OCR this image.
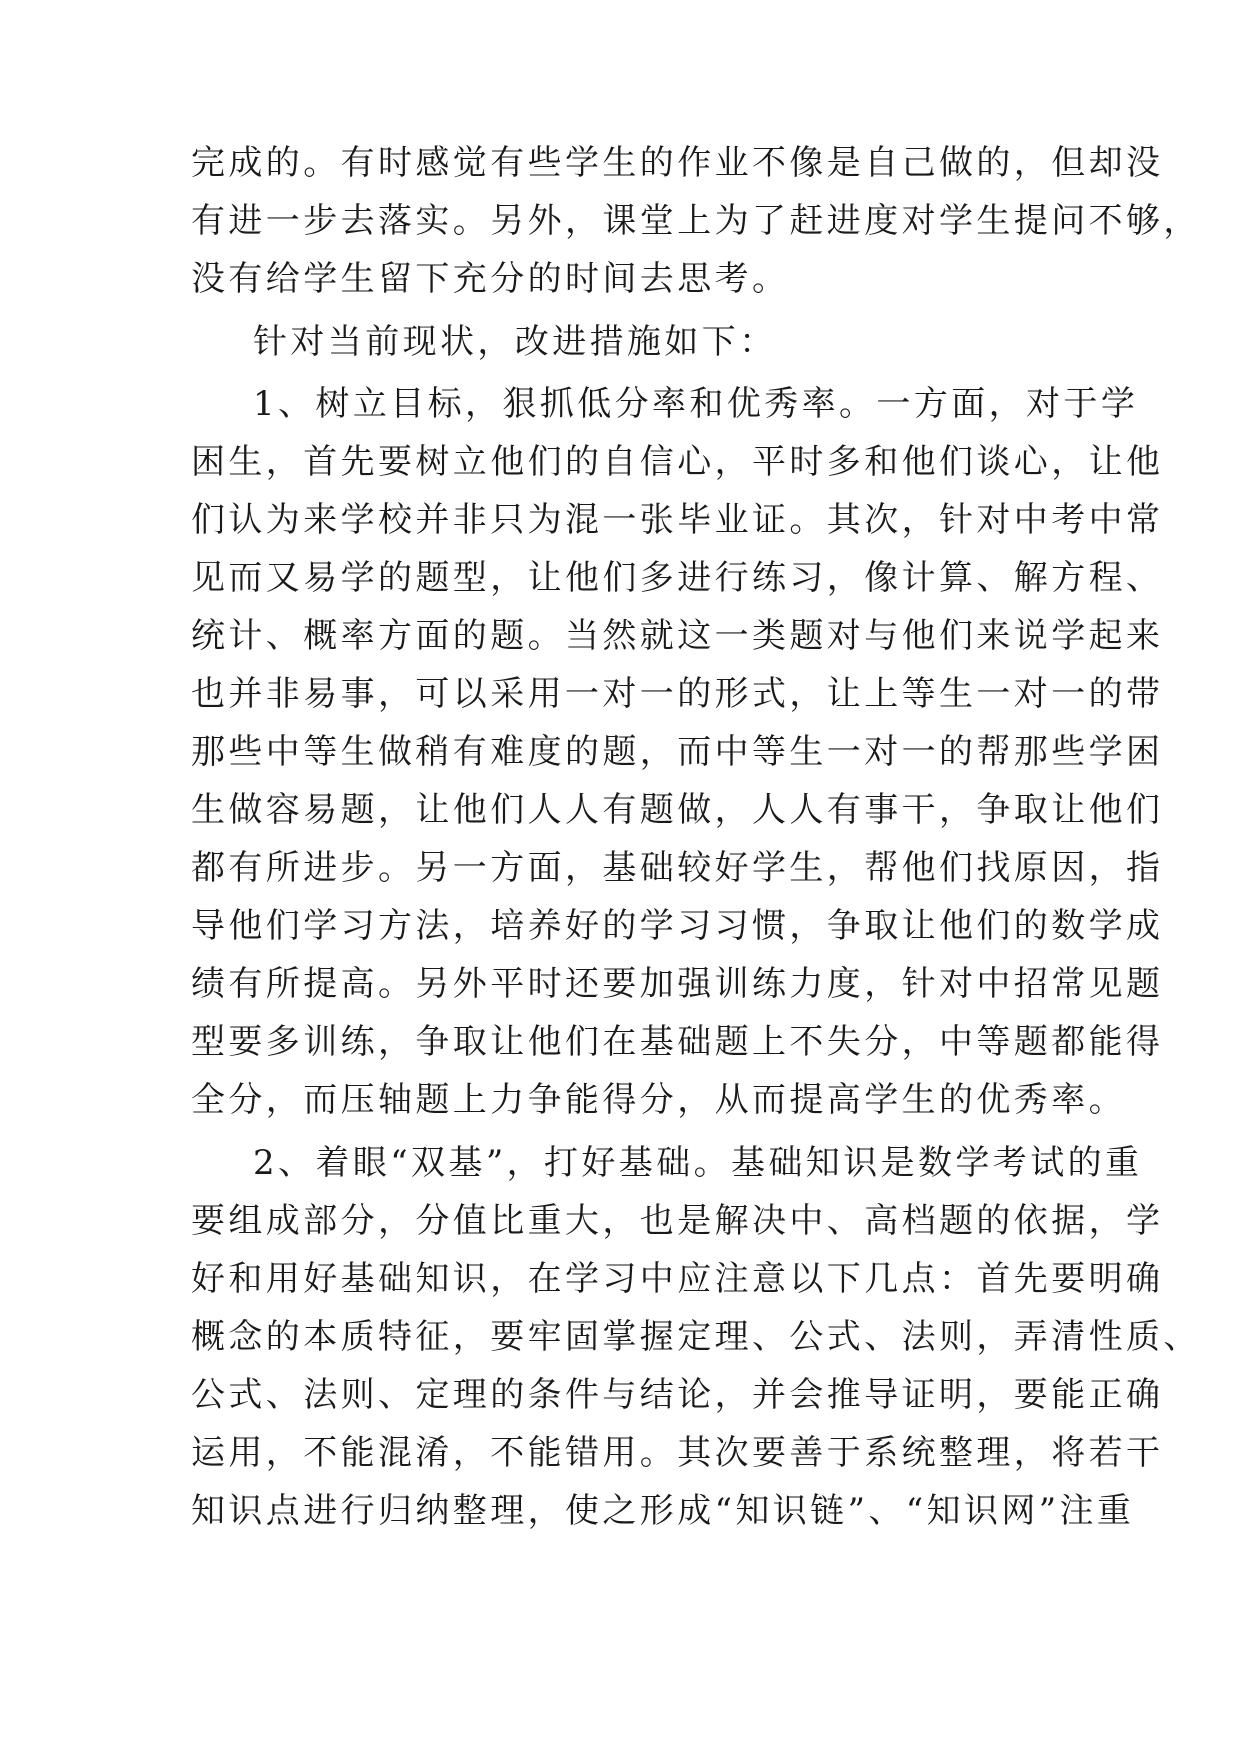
完成的。有时感觉有些学生的作业不像是自己做的，但却没
有进一步去落实。另外，课堂上为了赶进度对学生提问不够，
没有给学生留下充分的时间去思考。
针对当前现状，改进措施如下：
1、树立目标，狠抓低分率和优秀率。一方面，对于学
困生，首先要树立他们的自信心，平时多和他们谈心，让他
们认为来学校并非只为混一张毕业证。其次，针对中考中常
见而又易学的题型，让他们多进行练习，像计算、解方程、
统计、概率方面的题。当然就这一类题对与他们来说学起来
也并非易事，可以采用一对一的形式，让上等生一对一的带
那些中等生做稍有难度的题，而中等生一对一的帮那些学困
生做容易题，让他们人人有题做，人人有事干，争取让他们
都有所进步。另一方面，基础较好学生，帮他们找原因，指
导他们学习方法，培养好的学习习惯，争取让他们的数学成
绩有所提高。另外平时还要加强训练力度，针对中招常见题
型要多训练，争取让他们在基础题上不失分，中等题都能得
全分，而压轴题上力争能得分，从而提高学生的优秀率。
2、着眼“双基”，打好基础。基础知识是数学考试的重
要组成部分，分值比重大，也是解决中、高档题的依据，学
好和用好基础知识，在学习中应注意以下几点：首先要明确
概念的本质特征，要牢固掌握定理、公式、法则，弄清性质、
公式、法则、定理的条件与结论，并会推导证明，要能正确
运用，不能混淆，不能错用。其次要善于系统整理，将若干
知识点进行归纳整理，使之形成“知识链”、“知识网”注重
